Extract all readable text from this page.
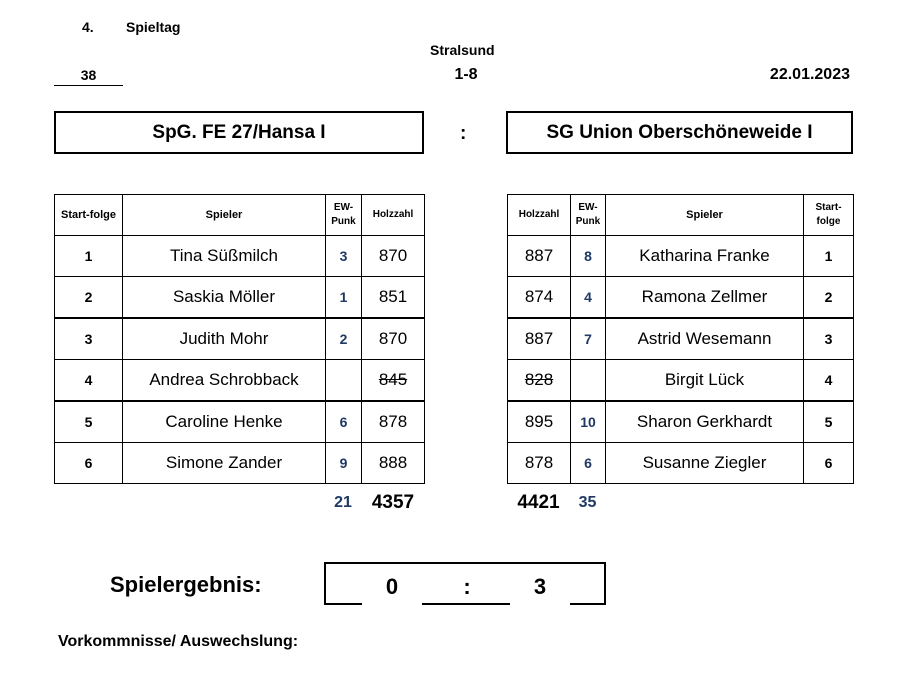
4. Spieltag
Stralsund
38	1-8	22.01.2023
SpG. FE 27/Hansa I	:	SG Union Oberschöneweide I
Start-folge	Spieler	EW-Punk	Holzzahl
1	Tina Süßmilch	3	870
2	Saskia Möller	1	851
3	Judith Mohr	2	870
4	Andrea Schrobback		845
5	Caroline Henke	6	878
6	Simone Zander	9	888
Holzzahl	EW-Punk	Spieler	Start-folge
887	8	Katharina Franke	1
874	4	Ramona Zellmer	2
887	7	Astrid Wesemann	3
828		Birgit Lück	4
895	10	Sharon Gerkhardt	5
878	6	Susanne Ziegler	6
21	4357	4421	35
Spielergebnis:	0	:	3
Vorkommnisse/ Auswechslung:
